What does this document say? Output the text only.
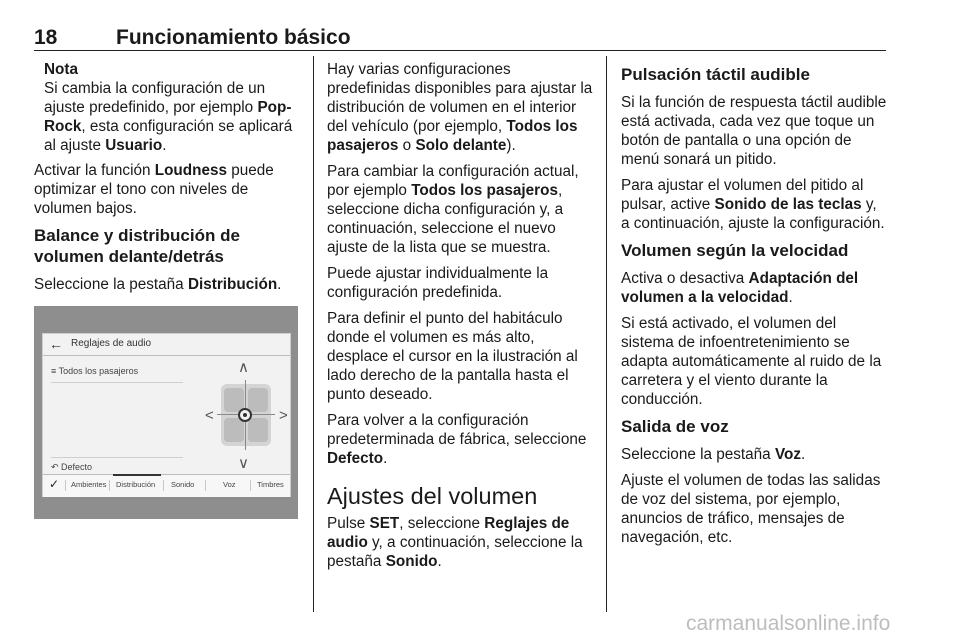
18	Funcionamiento básico
Nota
Si cambia la configuración de un ajuste predefinido, por ejemplo Pop-Rock, esta configuración se aplicará al ajuste Usuario.

Activar la función Loudness puede optimizar el tono con niveles de volumen bajos.

Balance y distribución de volumen delante/detrás

Seleccione la pestaña Distribución.

← Reglajes de audio
≡ Todos los pasajeros
↶ Defecto
∧
∨
<	>
✓ Ambientes Distribución Sonido	Voz	Timbres

Hay varias configuraciones predefinidas disponibles para ajustar la distribución de volumen en el interior del vehículo (por ejemplo, Todos los pasajeros o Solo delante).

Para cambiar la configuración actual, por ejemplo Todos los pasajeros, seleccione dicha configuración y, a continuación, seleccione el nuevo ajuste de la lista que se muestra.

Puede ajustar individualmente la configuración predefinida.

Para definir el punto del habitáculo donde el volumen es más alto, desplace el cursor en la ilustración al lado derecho de la pantalla hasta el punto deseado.

Para volver a la configuración predeterminada de fábrica, seleccione Defecto.

Ajustes del volumen

Pulse SET, seleccione Reglajes de audio y, a continuación, seleccione la pestaña Sonido.

Pulsación táctil audible

Si la función de respuesta táctil audible está activada, cada vez que toque un botón de pantalla o una opción de menú sonará un pitido.

Para ajustar el volumen del pitido al pulsar, active Sonido de las teclas y, a continuación, ajuste la configuración.

Volumen según la velocidad

Activa o desactiva Adaptación del volumen a la velocidad.

Si está activado, el volumen del sistema de infoentretenimiento se adapta automáticamente al ruido de la carretera y el viento durante la conducción.

Salida de voz

Seleccione la pestaña Voz.

Ajuste el volumen de todas las salidas de voz del sistema, por ejemplo, anuncios de tráfico, mensajes de navegación, etc.

carmanualsonline.info
